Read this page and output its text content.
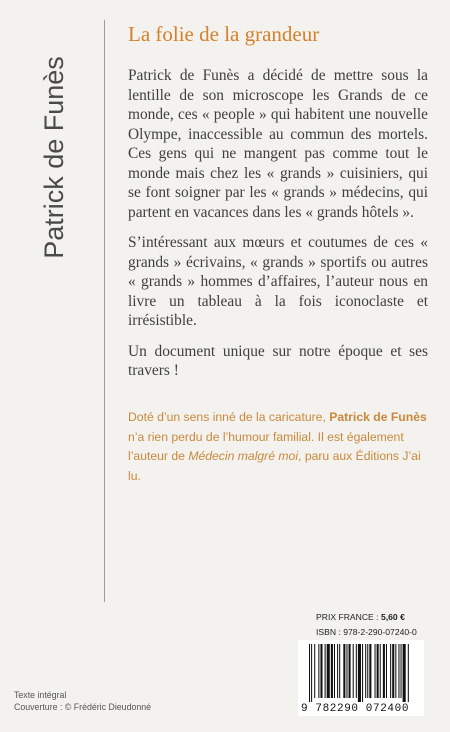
Patrick de Funès
La folie de la grandeur

Patrick de Funès a décidé de mettre sous la lentille de son microscope les Grands de ce monde, ces « people » qui habitent une nouvelle Olympe, inaccessible au commun des mortels. Ces gens qui ne mangent pas comme tout le monde mais chez les « grands » cuisiniers, qui se font soigner par les « grands » médecins, qui partent en vacances dans les « grands hôtels ».

S’intéressant aux mœurs et coutumes de ces « grands » écrivains, « grands » sportifs ou autres « grands » hommes d’affaires, l’auteur nous en livre un tableau à la fois iconoclaste et irrésistible.

Un document unique sur notre époque et ses travers !

Doté d’un sens inné de la caricature, Patrick de Funès n’a rien perdu de l’humour familial. Il est également l’auteur de Médecin malgré moi, paru aux Éditions J’ai lu.
PRIX FRANCE : 5,60 €
ISBN : 978-2-290-07240-0
9 782290 072400
Texte intégral
Couverture : © Frédéric Dieudonné
